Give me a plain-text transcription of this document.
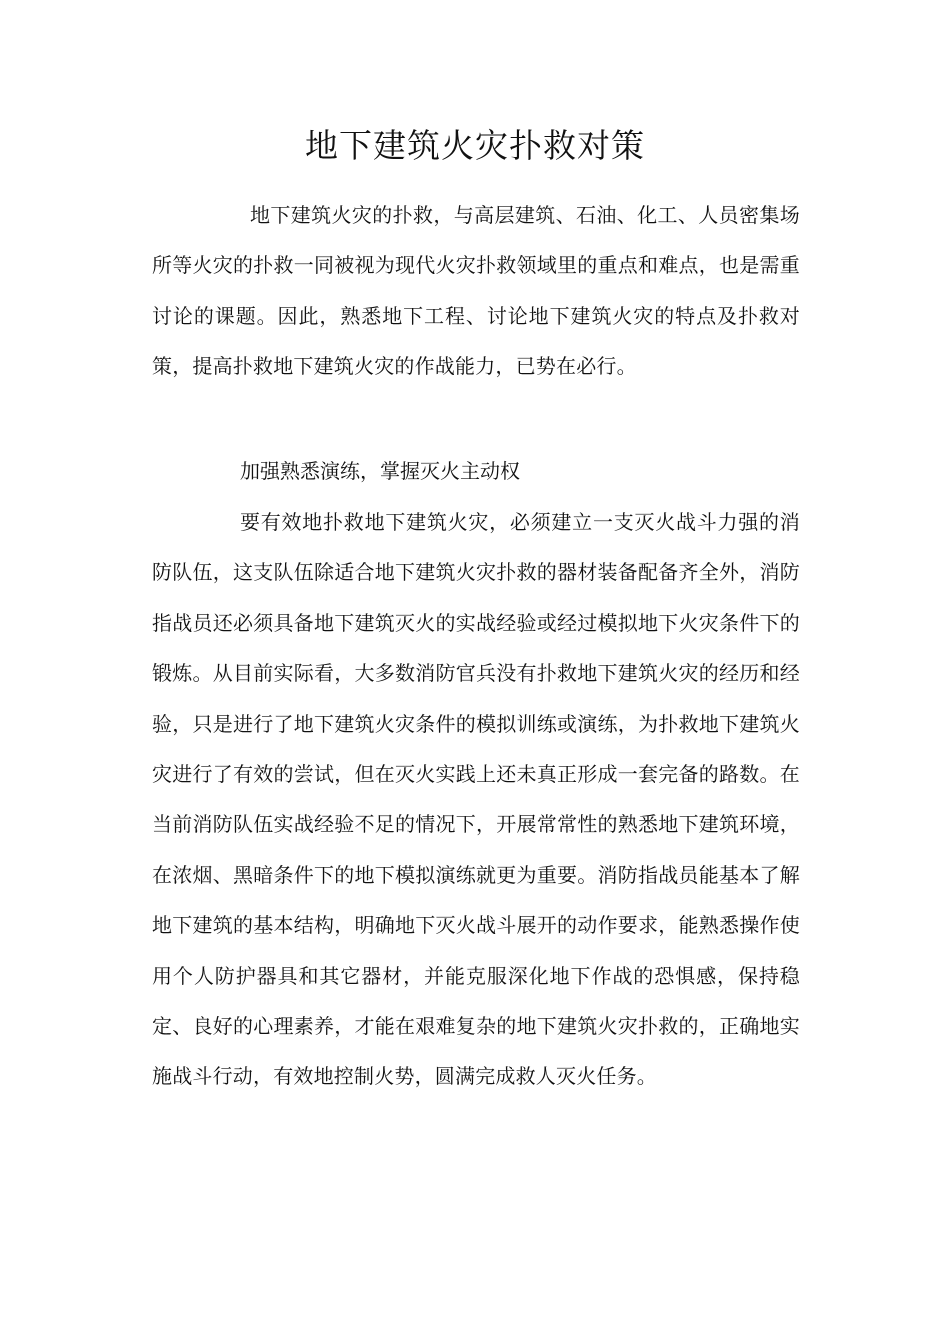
地下建筑火灾扑救对策

地下建筑火灾的扑救，与高层建筑、石油、化工、人员密集场所等火灾的扑救一同被视为现代火灾扑救领域里的重点和难点，也是需重讨论的课题。因此，熟悉地下工程、讨论地下建筑火灾的特点及扑救对策，提高扑救地下建筑火灾的作战能力，已势在必行。

加强熟悉演练，掌握灭火主动权

要有效地扑救地下建筑火灾，必须建立一支灭火战斗力强的消防队伍，这支队伍除适合地下建筑火灾扑救的器材装备配备齐全外，消防指战员还必须具备地下建筑灭火的实战经验或经过模拟地下火灾条件下的锻炼。从目前实际看，大多数消防官兵没有扑救地下建筑火灾的经历和经验，只是进行了地下建筑火灾条件的模拟训练或演练，为扑救地下建筑火灾进行了有效的尝试，但在灭火实践上还未真正形成一套完备的路数。在当前消防队伍实战经验不足的情况下，开展常常性的熟悉地下建筑环境，在浓烟、黑暗条件下的地下模拟演练就更为重要。消防指战员能基本了解地下建筑的基本结构，明确地下灭火战斗展开的动作要求，能熟悉操作使用个人防护器具和其它器材，并能克服深化地下作战的恐惧感，保持稳定、良好的心理素养，才能在艰难复杂的地下建筑火灾扑救的，正确地实施战斗行动，有效地控制火势，圆满完成救人灭火任务。
